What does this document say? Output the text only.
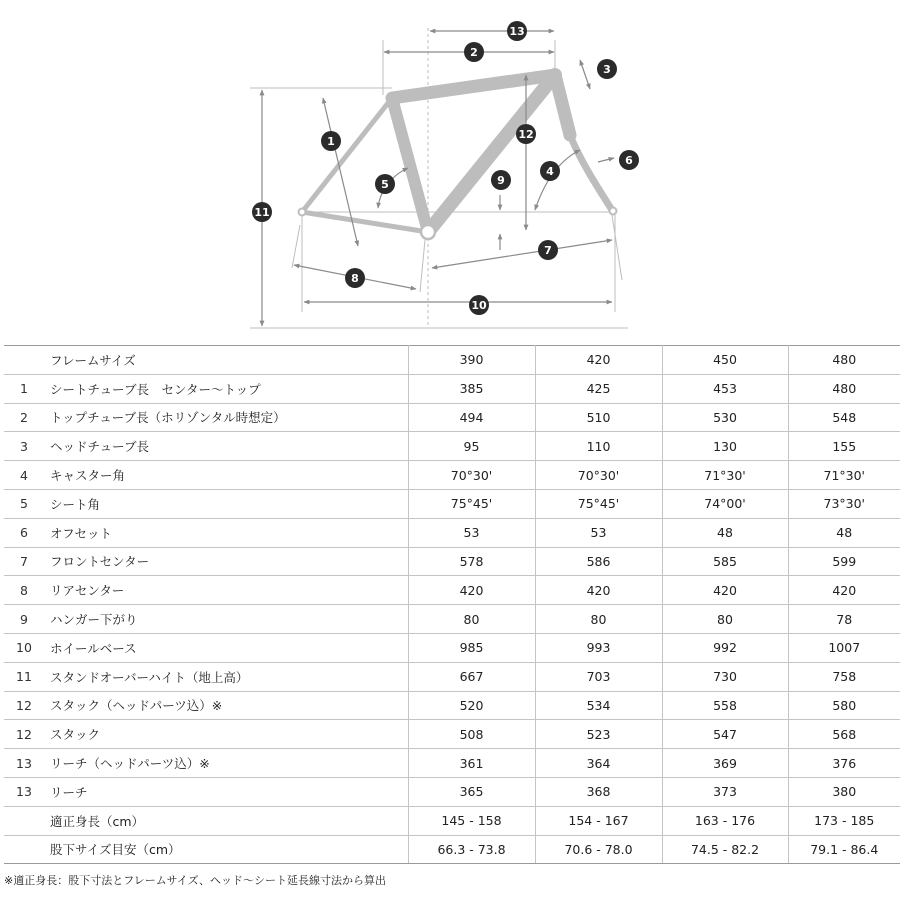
13
2
3
1
12
6
4
9
5
11
7
8
10
	フレームサイズ	390	420	450	480
1	シートチューブ長　センター〜トップ	385	425	453	480
2	トップチューブ長（ホリゾンタル時想定）	494	510	530	548
3	ヘッドチューブ長	95	110	130	155
4	キャスター角	70°30'	70°30'	71°30'	71°30'
5	シート角	75°45'	75°45'	74°00'	73°30'
6	オフセット	53	53	48	48
7	フロントセンター	578	586	585	599
8	リアセンター	420	420	420	420
9	ハンガー下がり	80	80	80	78
10	ホイールベース	985	993	992	1007
11	スタンドオーバーハイト（地上高）	667	703	730	758
12	スタック（ヘッドパーツ込）※	520	534	558	580
12	スタック	508	523	547	568
13	リーチ（ヘッドパーツ込）※	361	364	369	376
13	リーチ	365	368	373	380
	適正身長（cm）	145 - 158	154 - 167	163 - 176	173 - 185
	股下サイズ目安（cm）	66.3 - 73.8	70.6 - 78.0	74.5 - 82.2	79.1 - 86.4
※適正身長：股下寸法とフレームサイズ、ヘッド〜シート延長線寸法から算出
